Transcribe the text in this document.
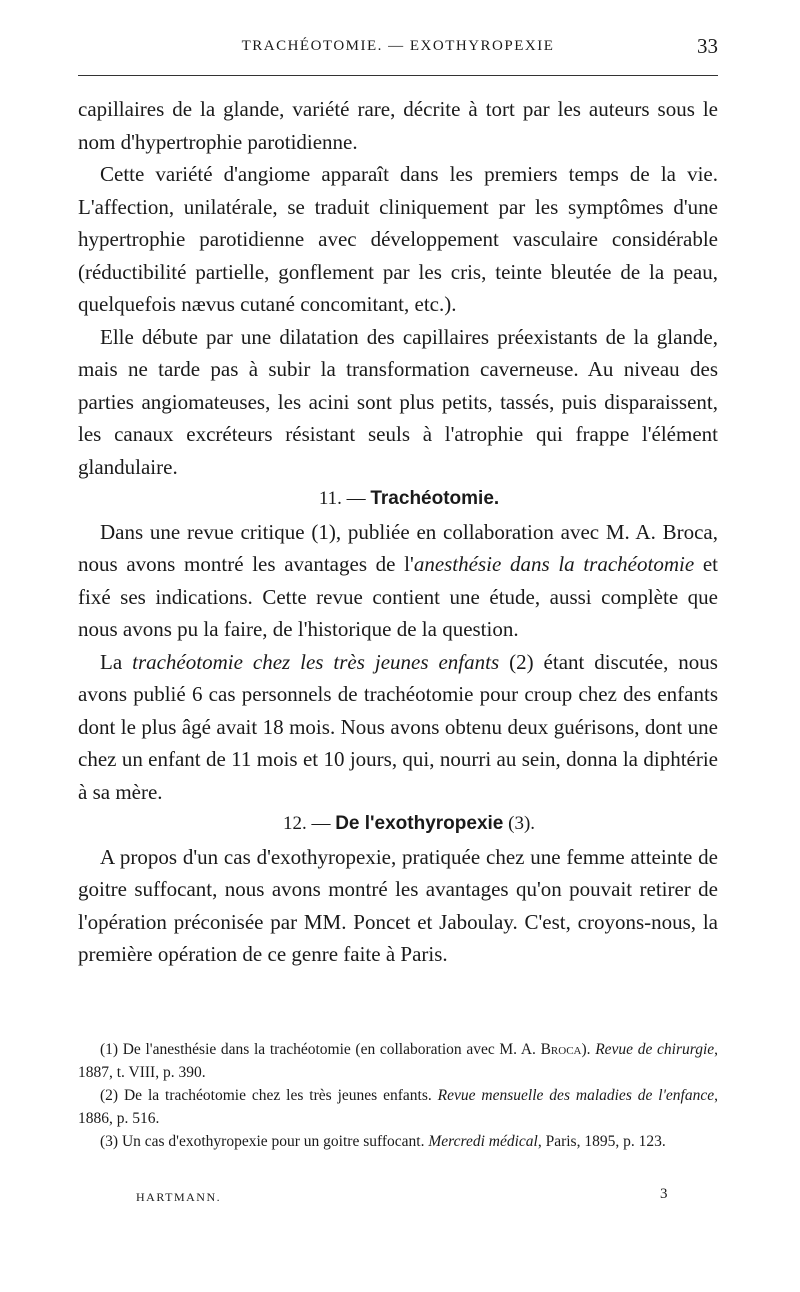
TRACHÉOTOMIE. — EXOTHYROPEXIE	33

capillaires de la glande, variété rare, décrite à tort par les auteurs sous le nom d'hypertrophie parotidienne.

Cette variété d'angiome apparaît dans les premiers temps de la vie. L'affection, unilatérale, se traduit cliniquement par les symptômes d'une hypertrophie parotidienne avec développement vasculaire considérable (réductibilité partielle, gonflement par les cris, teinte bleutée de la peau, quelquefois nævus cutané concomitant, etc.).

Elle débute par une dilatation des capillaires préexistants de la glande, mais ne tarde pas à subir la transformation caverneuse. Au niveau des parties angiomateuses, les acini sont plus petits, tassés, puis disparaissent, les canaux excréteurs résistant seuls à l'atrophie qui frappe l'élément glandulaire.

11. — Trachéotomie.

Dans une revue critique (1), publiée en collaboration avec M. A. Broca, nous avons montré les avantages de l'anesthésie dans la trachéotomie et fixé ses indications. Cette revue contient une étude, aussi complète que nous avons pu la faire, de l'historique de la question.

La trachéotomie chez les très jeunes enfants (2) étant discutée, nous avons publié 6 cas personnels de trachéotomie pour croup chez des enfants dont le plus âgé avait 18 mois. Nous avons obtenu deux guérisons, dont une chez un enfant de 11 mois et 10 jours, qui, nourri au sein, donna la diphtérie à sa mère.

12. — De l'exothyropexie (3).

A propos d'un cas d'exothyropexie, pratiquée chez une femme atteinte de goitre suffocant, nous avons montré les avantages qu'on pouvait retirer de l'opération préconisée par MM. Poncet et Jaboulay. C'est, croyons-nous, la première opération de ce genre faite à Paris.

(1) De l'anesthésie dans la trachéotomie (en collaboration avec M. A. Broca). Revue de chirurgie, 1887, t. VIII, p. 390.

(2) De la trachéotomie chez les très jeunes enfants. Revue mensuelle des maladies de l'enfance, 1886, p. 516.

(3) Un cas d'exothyropexie pour un goitre suffocant. Mercredi médical, Paris, 1895, p. 123.

HARTMANN.	3
